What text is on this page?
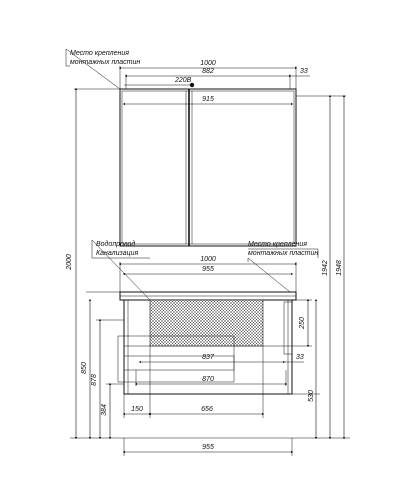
Место крепления
монтажных пластин	1000
882	33
220В
915
2000	1942 1948
Водопровод
Канализация
Место крепления
монтажных пластин
1000
955
250
837	33
870
530
850
878
384	150	656
955
